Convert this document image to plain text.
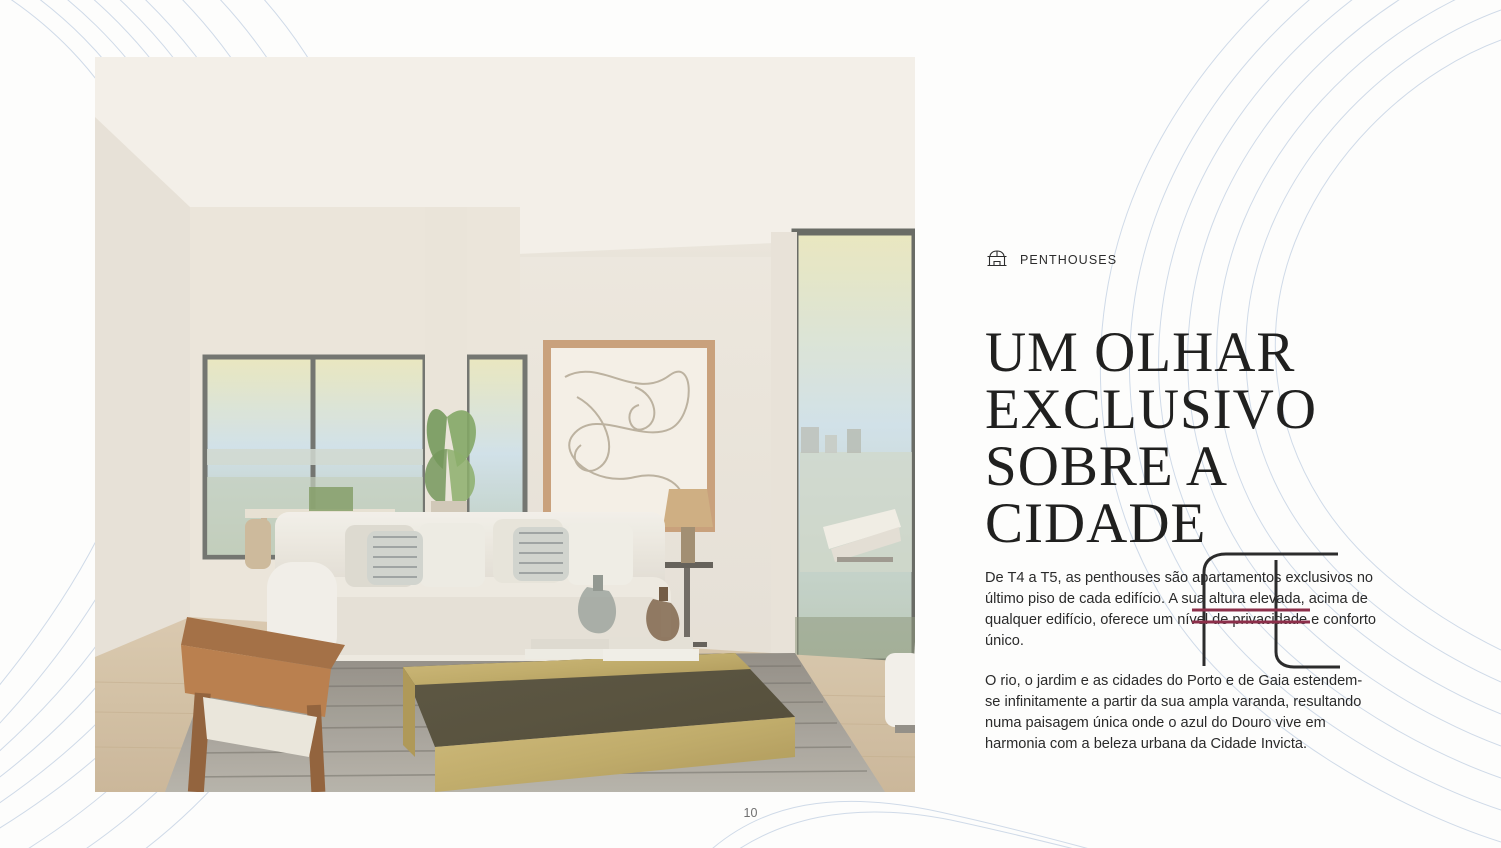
PENTHOUSES
UM OLHAR
EXCLUSIVO
SOBRE A
CIDADE

De T4 a T5, as penthouses são apartamentos exclusivos no último piso de cada edifício. A sua altura elevada, acima de qualquer edifício, oferece um nível de privacidade e conforto único.

O rio, o jardim e as cidades do Porto e de Gaia estendem-se infinitamente a partir da sua ampla varanda, resultando numa paisagem única onde o azul do Douro vive em harmonia com a beleza urbana da Cidade Invicta.

10
